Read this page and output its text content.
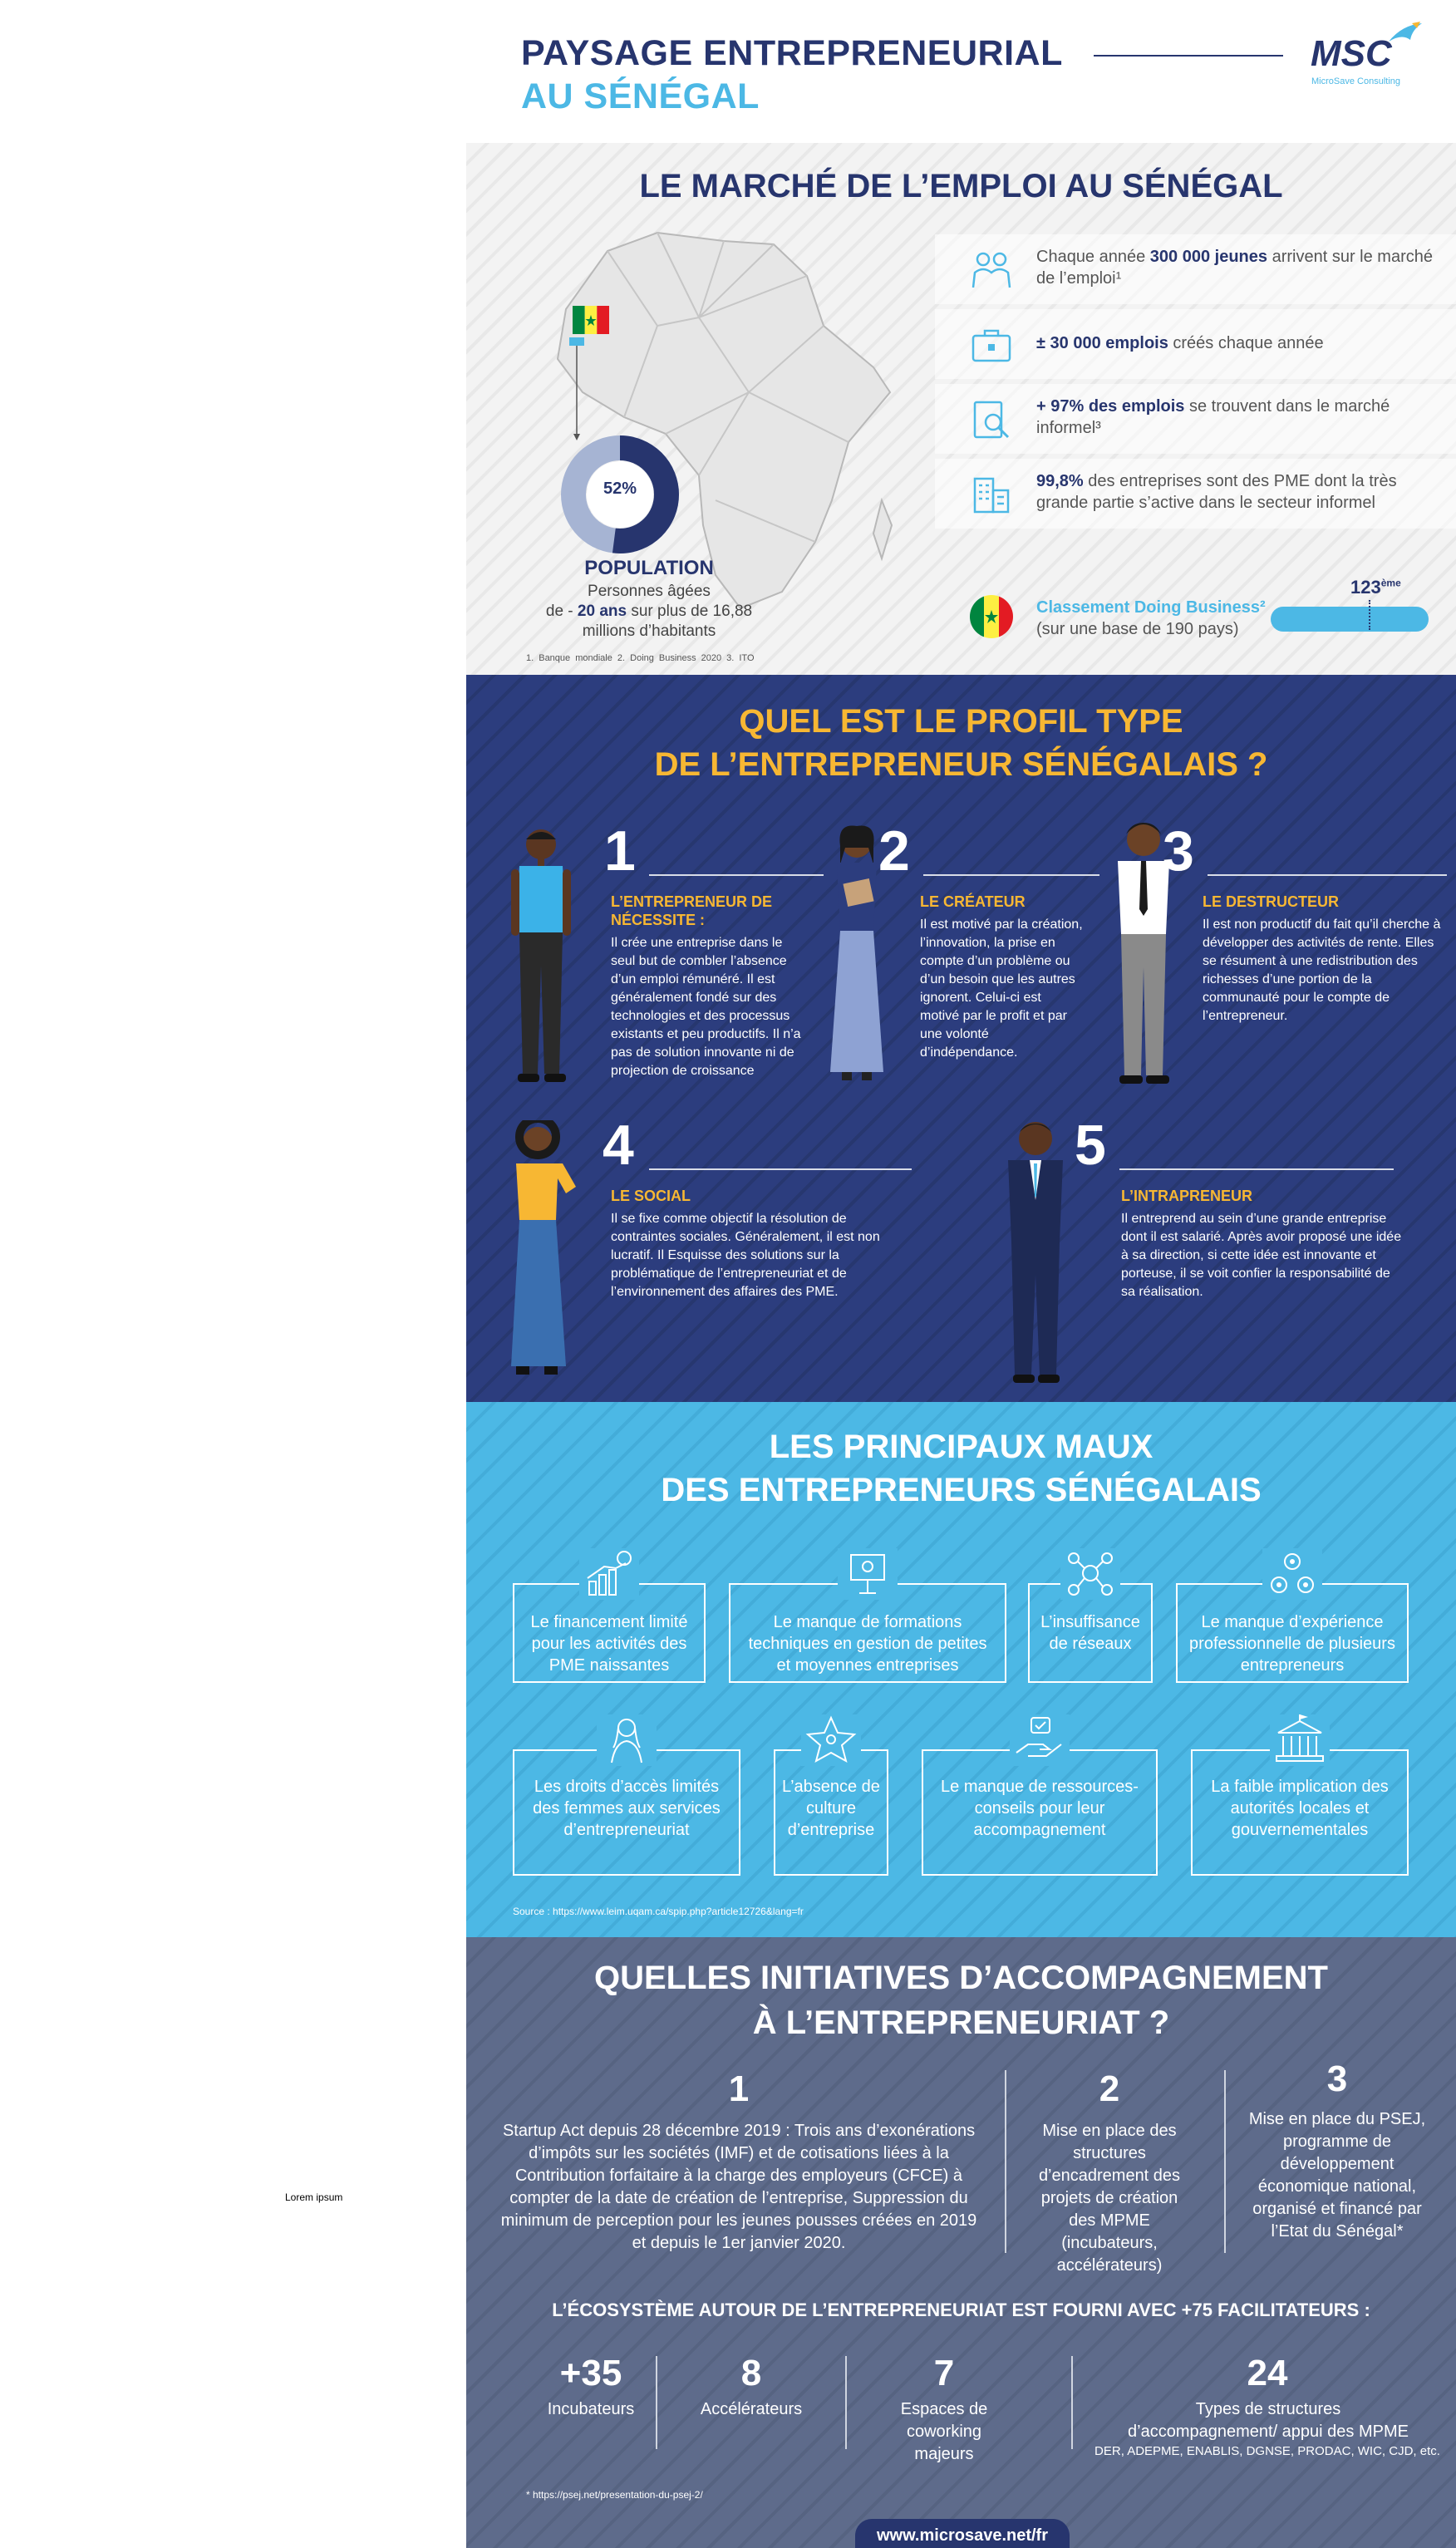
Lorem ipsum
PAYSAGE ENTREPRENEURIAL
AU SÉNÉGAL
MSC
MicroSave Consulting
LE MARCHÉ DE L’EMPLOI AU SÉNÉGAL
52%
POPULATION
Personnes âgées
de - 20 ans sur plus de 16,88
millions d’habitants
1. Banque mondiale 2. Doing Business 2020 3. ITO
Chaque année 300 000 jeunes arrivent sur le marché de l’emploi¹
± 30 000 emplois créés chaque année
+ 97% des emplois se trouvent dans le marché informel³
99,8% des entreprises sont des PME dont la très grande partie s’active dans le secteur informel
Classement Doing Business²
(sur une base de 190 pays)
QUEL EST LE PROFIL TYPE
DE L’ENTREPRENEUR SÉNÉGALAIS ?
1
L’ENTREPRENEUR DE NÉCESSITE :
Il crée une entreprise dans le seul but de combler l’absence d’un emploi rémunéré. Il est généralement fondé sur des technologies et des processus existants et peu productifs. Il n’a pas de solution innovante ni de projection de croissance
2
LE CRÉATEUR
Il est motivé par la création, l’innovation, la prise en compte d’un problème ou d’un besoin que les autres ignorent. Celui-ci est motivé par le profit et par une volonté d’indépendance.
3
LE DESTRUCTEUR
Il est non productif du fait qu’il cherche à développer des activités de rente. Elles se résument à une redistribution des richesses d’une portion de la communauté pour le compte de l’entrepreneur.
4
LE SOCIAL
Il se fixe comme objectif la résolution de contraintes sociales. Généralement, il est non lucratif. Il Esquisse des solutions sur la problématique de l’entrepreneuriat et de l’environnement des affaires des PME.
5
L’INTRAPRENEUR
Il entreprend au sein d’une grande entreprise dont il est salarié. Après avoir proposé une idée à sa direction, si cette idée est innovante et porteuse, il se voit confier la responsabilité de sa réalisation.
LES PRINCIPAUX MAUX
DES ENTREPRENEURS SÉNÉGALAIS
Le financement limité pour les activités des PME naissantes
Le manque de formations techniques en gestion de petites et moyennes entreprises
L’insuffisance de réseaux
Le manque d’expérience professionnelle de plusieurs entrepreneurs
Les droits d’accès limités des femmes aux services d’entrepreneuriat
L’absence de culture d’entreprise
Le manque de ressources-conseils pour leur accompagnement
La faible implication des autorités locales et gouvernementales
Source : https://www.leim.uqam.ca/spip.php?article12726&lang=fr
QUELLES INITIATIVES D’ACCOMPAGNEMENT
À L’ENTREPRENEURIAT ?
1
Startup Act depuis 28 décembre 2019 : Trois ans d’exonérations d’impôts sur les sociétés (IMF) et de cotisations liées à la Contribution forfaitaire à la charge des employeurs (CFCE) à compter de la date de création de l’entreprise, Suppression du minimum de perception pour les jeunes pousses créées en 2019 et depuis le 1er janvier 2020.
2
Mise en place des structures d’encadrement des projets de création des MPME (incubateurs, accélérateurs)
3
Mise en place du PSEJ, programme de développement économique national, organisé et financé par l’Etat du Sénégal*
L’ÉCOSYSTÈME AUTOUR DE L’ENTREPRENEURIAT EST FOURNI AVEC +75 FACILITATEURS :
+35
Incubateurs
8
Accélérateurs
7
Espaces de coworking majeurs
24
Types de structures d’accompagnement/ appui des MPME
DER, ADEPME, ENABLIS, DGNSE, PRODAC, WIC, CJD, etc.
* https://psej.net/presentation-du-psej-2/
www.microsave.net/fr
123ème
